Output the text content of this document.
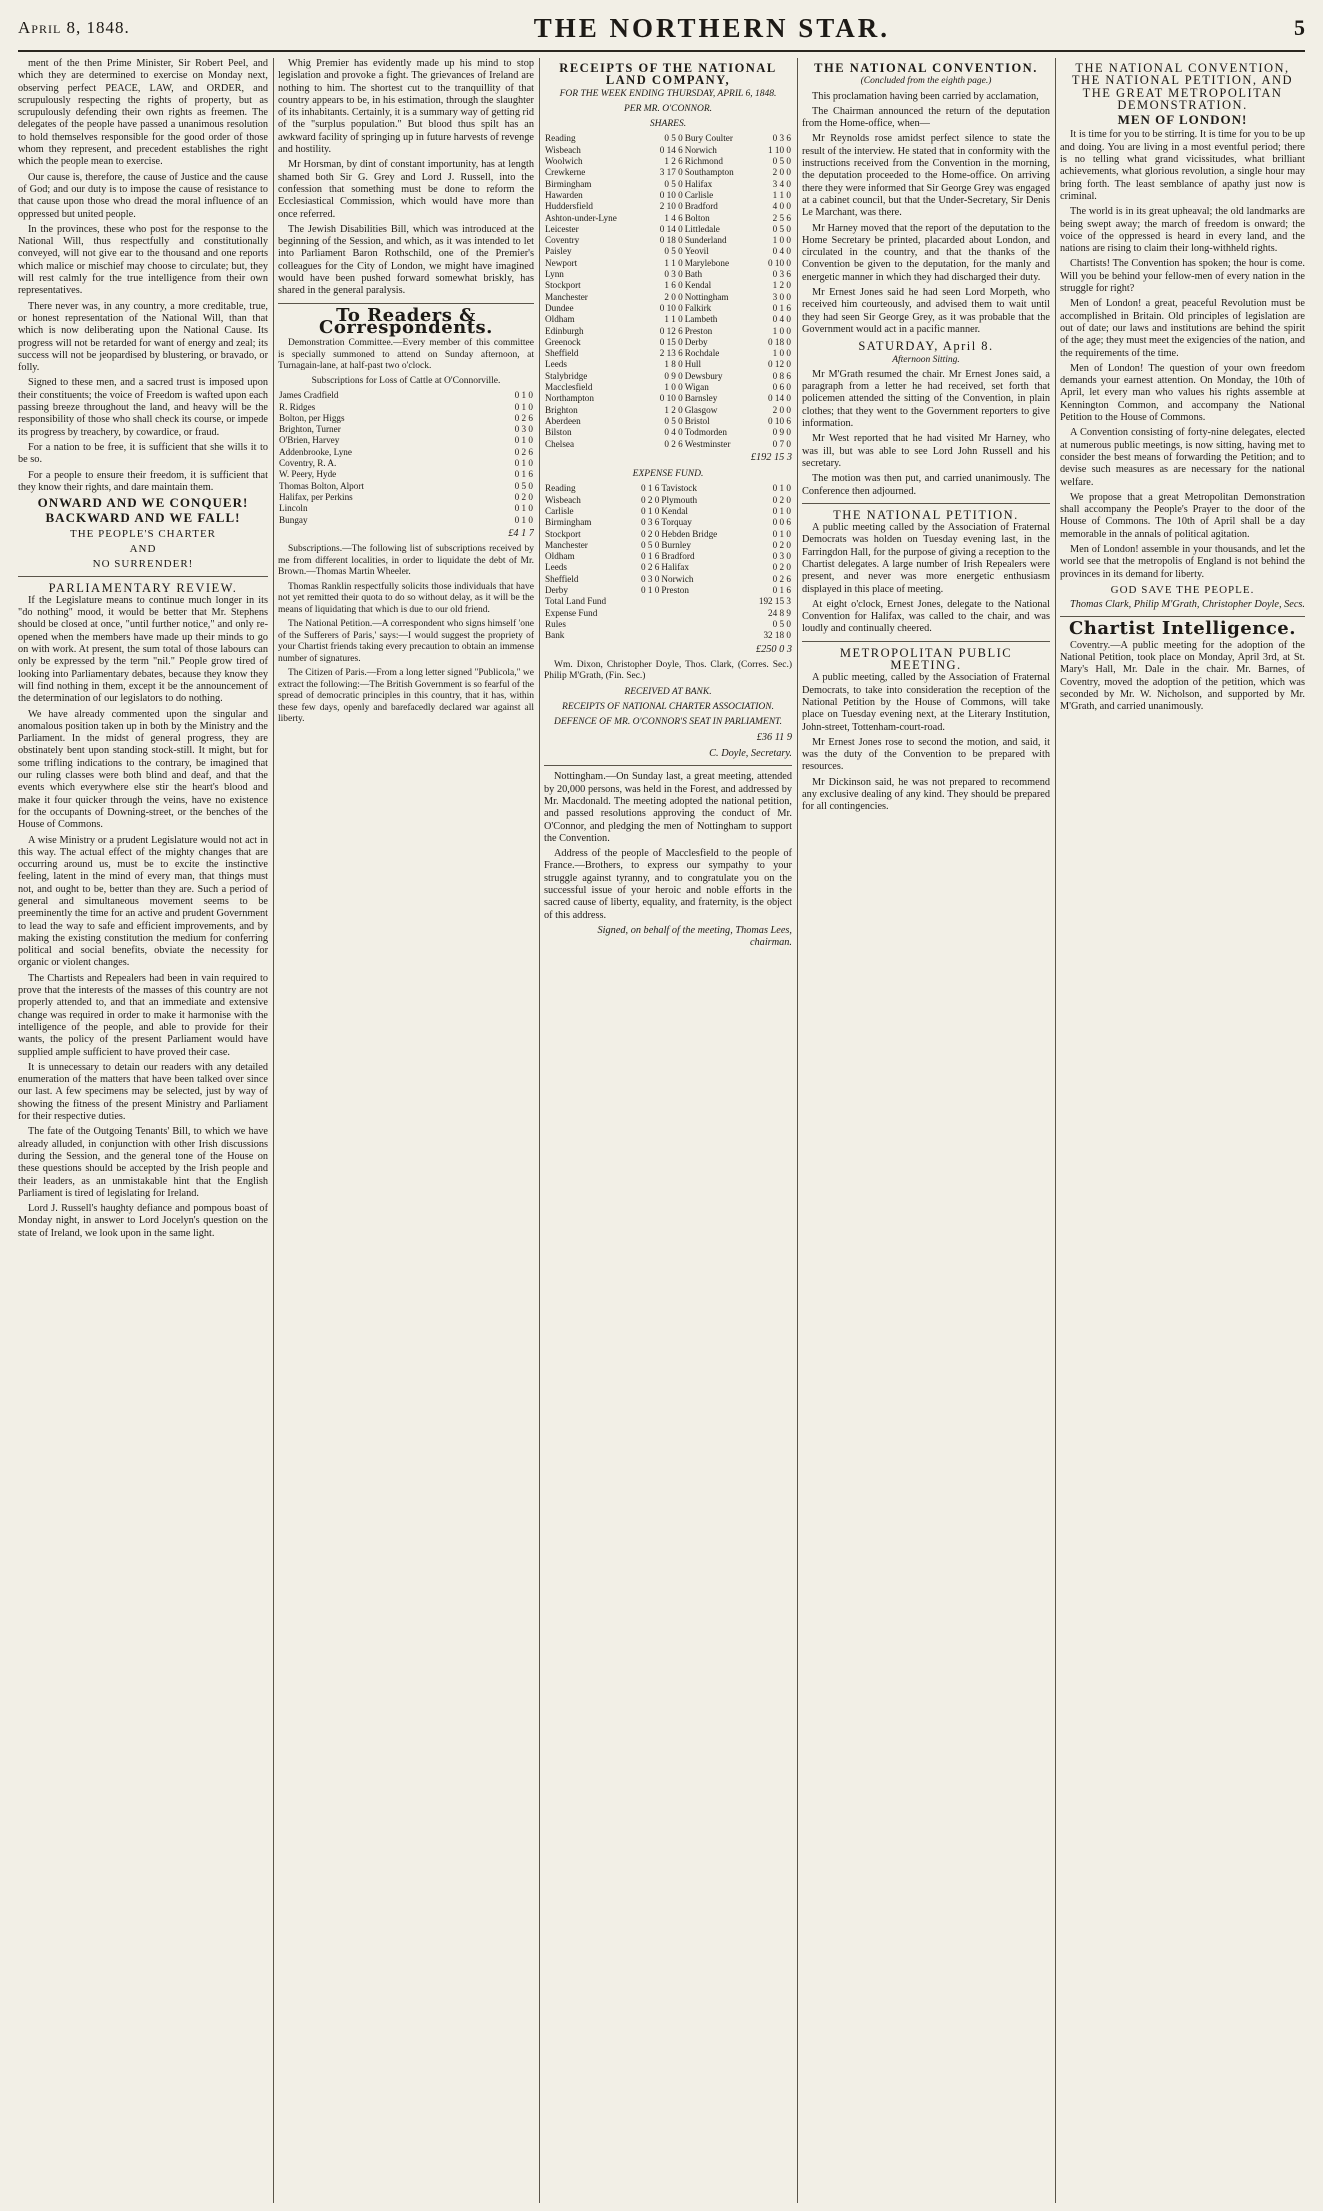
April 8, 1848.	THE NORTHERN STAR.	5

ment of the then Prime Minister, Sir Robert Peel, and which they are determined to exercise on Monday next, observing perfect PEACE, LAW, and ORDER, and scrupulously respecting the rights of property, but as scrupulously defending their own rights as freemen. The delegates of the people have passed a unanimous resolution to hold themselves responsible for the good order of those whom they represent, and precedent establishes the right which the people mean to exercise.

Our cause is, therefore, the cause of Justice and the cause of God; and our duty is to impose the cause of resistance to that cause upon those who dread the moral influence of an oppressed but united people.

In the provinces, these who post for the response to the National Will, thus respectfully and constitutionally conveyed, will not give ear to the thousand and one reports which malice or mischief may choose to circulate; but, they will rest calmly for the true intelligence from their own representatives.

There never was, in any country, a more creditable, true, or honest representation of the National Will, than that which is now deliberating upon the National Cause. Its progress will not be retarded for want of energy and zeal; its success will not be jeopardised by blustering, or bravado, or folly.

Signed to these men, and a sacred trust is imposed upon their constituents; the voice of Freedom is wafted upon each passing breeze throughout the land, and heavy will be the responsibility of those who shall check its course, or impede its progress by treachery, by cowardice, or fraud.

For a nation to be free, it is sufficient that she wills it to be so.

For a people to ensure their freedom, it is sufficient that they know their rights, and dare maintain them.

ONWARD AND WE CONQUER!
BACKWARD AND WE FALL!
THE PEOPLE'S CHARTER
AND
NO SURRENDER!
PARLIAMENTARY REVIEW.

If the Legislature means to continue much longer in its "do nothing" mood, it would be better that Mr. Stephens should be closed at once, "until further notice," and only re-opened when the members have made up their minds to go on with work. At present, the sum total of those labours can only be expressed by the term "nil." People grow tired of looking into Parliamentary debates, because they know they will find nothing in them, except it be the announcement of the determination of our legislators to do nothing.

We have already commented upon the singular and anomalous position taken up in both by the Ministry and the Parliament. In the midst of general progress, they are obstinately bent upon standing stock-still. It might, but for some trifling indications to the contrary, be imagined that our ruling classes were both blind and deaf, and that the events which everywhere else stir the heart's blood and make it four quicker through the veins, have no existence for the occupants of Downing-street, or the benches of the House of Commons.

A wise Ministry or a prudent Legislature would not act in this way. The actual effect of the mighty changes that are occurring around us, must be to excite the instinctive feeling, latent in the mind of every man, that things must not, and ought to be, better than they are. Such a period of general and simultaneous movement seems to be preeminently the time for an active and prudent Government to lead the way to safe and efficient improvements, and by making the existing constitution the medium for conferring political and social benefits, obviate the necessity for organic or violent changes.

The Chartists and Repealers had been in vain required to prove that the interests of the masses of this country are not properly attended to, and that an immediate and extensive change was required in order to make it harmonise with the intelligence of the people, and able to provide for their wants, the policy of the present Parliament would have supplied ample sufficient to have proved their case.

It is unnecessary to detain our readers with any detailed enumeration of the matters that have been talked over since our last. A few specimens may be selected, just by way of showing the fitness of the present Ministry and Parliament for their respective duties.

The fate of the Outgoing Tenants' Bill, to which we have already alluded, in conjunction with other Irish discussions during the Session, and the general tone of the House on these questions should be accepted by the Irish people and their leaders, as an unmistakable hint that the English Parliament is tired of legislating for Ireland.

Lord J. Russell's haughty defiance and pompous boast of Monday night, in answer to Lord Jocelyn's question on the state of Ireland, we look upon in the same light.

Whig Premier has evidently made up his mind to stop legislation and provoke a fight. The grievances of Ireland are nothing to him. The shortest cut to the tranquillity of that country appears to be, in his estimation, through the slaughter of its inhabitants. Certainly, it is a summary way of getting rid of the "surplus population." But blood thus spilt has an awkward facility of springing up in future harvests of revenge and hostility.

Mr Horsman, by dint of constant importunity, has at length shamed both Sir G. Grey and Lord J. Russell, into the confession that something must be done to reform the Ecclesiastical Commission, which would have more than once referred.

The Jewish Disabilities Bill, which was introduced at the beginning of the Session, and which, as it was intended to let into Parliament Baron Rothschild, one of the Premier's colleagues for the City of London, we might have imagined would have been pushed forward somewhat briskly, has shared in the general paralysis.

To Readers & Correspondents.

Demonstration Committee.—Every member of this committee is specially summoned to attend on Sunday afternoon, at Turnagain-lane, at half-past two o'clock.

Subscriptions for Loss of Cattle at O'Connorville.

James Cradfield	0 1 0
R. Ridges	0 1 0
Bolton, per Higgs	0 2 6
Brighton, Turner	0 3 0
O'Brien, Harvey	0 1 0
Addenbrooke, Lyne	0 2 6
Coventry, R. A.	0 1 0
W. Peery, Hyde	0 1 6
Thomas Bolton, Alport	0 5 0
Halifax, per Perkins	0 2 0
Lincoln	0 1 0
Bungay	0 1 0
£4 1 7

Subscriptions.—The following list of subscriptions received by me from different localities, in order to liquidate the debt of Mr. Brown.—Thomas Martin Wheeler.

Thomas Ranklin respectfully solicits those individuals that have not yet remitted their quota to do so without delay, as it will be the means of liquidating that which is due to our old friend.

The National Petition.—A correspondent who signs himself 'one of the Sufferers of Paris,' says:—I would suggest the propriety of your Chartist friends taking every precaution to obtain an immense number of signatures.

The Citizen of Paris.—From a long letter signed "Publicola," we extract the following:—The British Government is so fearful of the spread of democratic principles in this country, that it has, within these few days, openly and barefacedly declared war against all liberty.

RECEIPTS OF THE NATIONAL LAND COMPANY,
FOR THE WEEK ENDING THURSDAY, APRIL 6, 1848.
PER MR. O'CONNOR.
SHARES.
Reading	0 5 0	Bury Coulter	0 3 6
Wisbeach	0 14 6	Norwich	1 10 0
Woolwich	1 2 6	Richmond	0 5 0
Crewkerne	3 17 0	Southampton	2 0 0
Birmingham	0 5 0	Halifax	3 4 0
Hawarden	0 10 0	Carlisle	1 1 0
Huddersfield	2 10 0	Bradford	4 0 0
Ashton-under-Lyne	1 4 6	Bolton	2 5 6
Leicester	0 14 0	Littledale	0 5 0
Coventry	0 18 0	Sunderland	1 0 0
Paisley	0 5 0	Yeovil	0 4 0
Newport	1 1 0	Marylebone	0 10 0
Lynn	0 3 0	Bath	0 3 6
Stockport	1 6 0	Kendal	1 2 0
Manchester	2 0 0	Nottingham	3 0 0
Dundee	0 10 0	Falkirk	0 1 6
Oldham	1 1 0	Lambeth	0 4 0
Edinburgh	0 12 6	Preston	1 0 0
Greenock	0 15 0	Derby	0 18 0
Sheffield	2 13 6	Rochdale	1 0 0
Leeds	1 8 0	Hull	0 12 0
Stalybridge	0 9 0	Dewsbury	0 8 6
Macclesfield	1 0 0	Wigan	0 6 0
Northampton	0 10 0	Barnsley	0 14 0
Brighton	1 2 0	Glasgow	2 0 0
Aberdeen	0 5 0	Bristol	0 10 6
Bilston	0 4 0	Todmorden	0 9 0
Chelsea	0 2 6	Westminster	0 7 0
£192 15 3
EXPENSE FUND.
Reading	0 1 6	Tavistock	0 1 0
Wisbeach	0 2 0	Plymouth	0 2 0
Carlisle	0 1 0	Kendal	0 1 0
Birmingham	0 3 6	Torquay	0 0 6
Stockport	0 2 0	Hebden Bridge	0 1 0
Manchester	0 5 0	Burnley	0 2 0
Oldham	0 1 6	Bradford	0 3 0
Leeds	0 2 6	Halifax	0 2 0
Sheffield	0 3 0	Norwich	0 2 6
Derby	0 1 0	Preston	0 1 6
Total Land Fund	192 15 3
Expense Fund	24 8 9
Rules	0 5 0
Bank	32 18 0
£250 0 3

Wm. Dixon, Christopher Doyle, Thos. Clark, (Corres. Sec.) Philip M'Grath, (Fin. Sec.)

RECEIVED AT BANK.
RECEIPTS OF NATIONAL CHARTER ASSOCIATION.
DEFENCE OF MR. O'CONNOR'S SEAT IN PARLIAMENT.
£36 11 9
C. Doyle, Secretary.

Nottingham.—On Sunday last, a great meeting, attended by 20,000 persons, was held in the Forest, and addressed by Mr. Macdonald. The meeting adopted the national petition, and passed resolutions approving the conduct of Mr. O'Connor, and pledging the men of Nottingham to support the Convention.

Address of the people of Macclesfield to the people of France.—Brothers, to express our sympathy to your struggle against tyranny, and to congratulate you on the successful issue of your heroic and noble efforts in the sacred cause of liberty, equality, and fraternity, is the object of this address.

Signed, on behalf of the meeting, Thomas Lees, chairman.

THE NATIONAL CONVENTION.
(Concluded from the eighth page.)

This proclamation having been carried by acclamation,

The Chairman announced the return of the deputation from the Home-office, when—

Mr Reynolds rose amidst perfect silence to state the result of the interview. He stated that in conformity with the instructions received from the Convention in the morning, the deputation proceeded to the Home-office. On arriving there they were informed that Sir George Grey was engaged at a cabinet council, but that the Under-Secretary, Sir Denis Le Marchant, was there.

Mr Harney moved that the report of the deputation to the Home Secretary be printed, placarded about London, and circulated in the country, and that the thanks of the Convention be given to the deputation, for the manly and energetic manner in which they had discharged their duty.

Mr Ernest Jones said he had seen Lord Morpeth, who received him courteously, and advised them to wait until they had seen Sir George Grey, as it was probable that the Government would act in a pacific manner.

SATURDAY, April 8.
Afternoon Sitting.

Mr M'Grath resumed the chair. Mr Ernest Jones said, a paragraph from a letter he had received, set forth that policemen attended the sitting of the Convention, in plain clothes; that they went to the Government reporters to give information.

Mr West reported that he had visited Mr Harney, who was ill, but was able to see Lord John Russell and his secretary.

The motion was then put, and carried unanimously. The Conference then adjourned.

THE NATIONAL PETITION.

A public meeting called by the Association of Fraternal Democrats was holden on Tuesday evening last, in the Farringdon Hall, for the purpose of giving a reception to the Chartist delegates. A large number of Irish Repealers were present, and never was more energetic enthusiasm displayed in this place of meeting.

At eight o'clock, Ernest Jones, delegate to the National Convention for Halifax, was called to the chair, and was loudly and continually cheered.

METROPOLITAN PUBLIC MEETING.

A public meeting, called by the Association of Fraternal Democrats, to take into consideration the reception of the National Petition by the House of Commons, will take place on Tuesday evening next, at the Literary Institution, John-street, Tottenham-court-road.

Mr Ernest Jones rose to second the motion, and said, it was the duty of the Convention to be prepared with resources.

Mr Dickinson said, he was not prepared to recommend any exclusive dealing of any kind. They should be prepared for all contingencies.

THE NATIONAL CONVENTION, THE NATIONAL PETITION, AND THE GREAT METROPOLITAN DEMONSTRATION.
MEN OF LONDON!

It is time for you to be stirring. It is time for you to be up and doing. You are living in a most eventful period; there is no telling what grand vicissitudes, what brilliant achievements, what glorious revolution, a single hour may bring forth. The least semblance of apathy just now is criminal.

The world is in its great upheaval; the old landmarks are being swept away; the march of freedom is onward; the voice of the oppressed is heard in every land, and the nations are rising to claim their long-withheld rights.

Chartists! The Convention has spoken; the hour is come. Will you be behind your fellow-men of every nation in the struggle for right?

Men of London! a great, peaceful Revolution must be accomplished in Britain. Old principles of legislation are out of date; our laws and institutions are behind the spirit of the age; they must meet the exigencies of the nation, and the requirements of the time.

Men of London! The question of your own freedom demands your earnest attention. On Monday, the 10th of April, let every man who values his rights assemble at Kennington Common, and accompany the National Petition to the House of Commons.

A Convention consisting of forty-nine delegates, elected at numerous public meetings, is now sitting, having met to consider the best means of forwarding the Petition; and to devise such measures as are necessary for the national welfare.

We propose that a great Metropolitan Demonstration shall accompany the People's Prayer to the door of the House of Commons. The 10th of April shall be a day memorable in the annals of political agitation.

Men of London! assemble in your thousands, and let the world see that the metropolis of England is not behind the provinces in its demand for liberty.

GOD SAVE THE PEOPLE.
Thomas Clark, Philip M'Grath, Christopher Doyle, Secs.
Chartist Intelligence.

Coventry.—A public meeting for the adoption of the National Petition, took place on Monday, April 3rd, at St. Mary's Hall, Mr. Dale in the chair. Mr. Barnes, of Coventry, moved the adoption of the petition, which was seconded by Mr. W. Nicholson, and supported by Mr. M'Grath, and carried unanimously.
